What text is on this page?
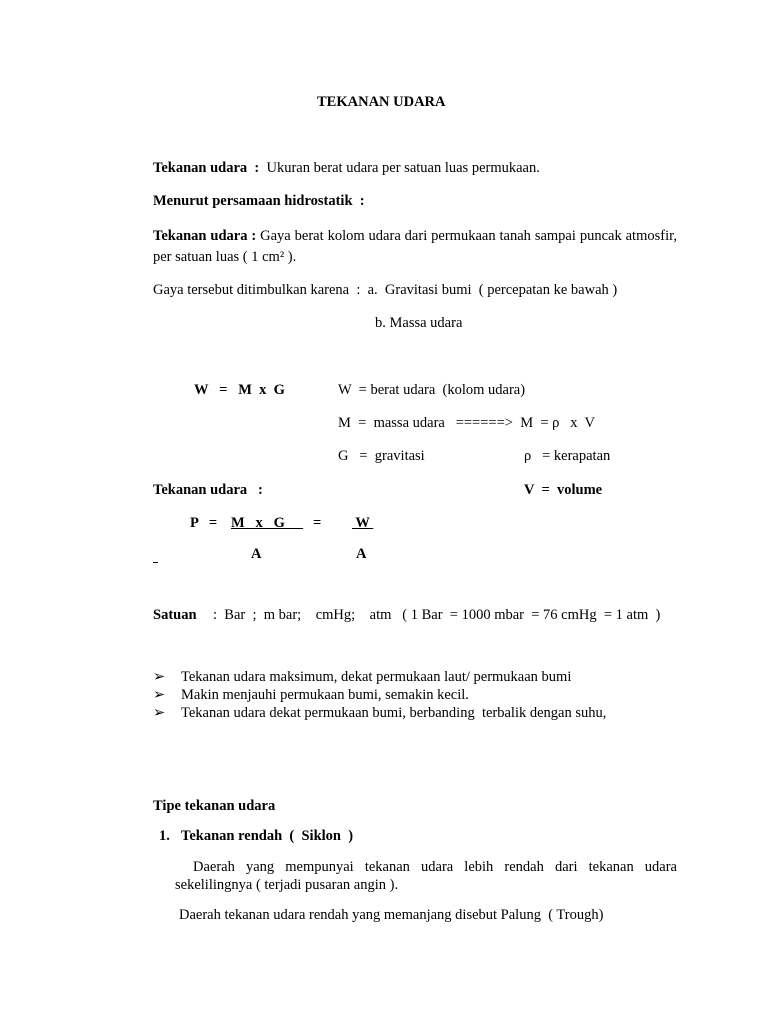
TEKANAN UDARA
Tekanan udara  :  Ukuran berat udara per satuan luas permukaan.
Menurut persamaan hidrostatik  :
Tekanan udara : Gaya berat kolom udara dari permukaan tanah sampai puncak atmosfir, per satuan luas ( 1 cm² ).
Gaya tersebut ditimbulkan karena  :  a.  Gravitasi bumi  ( percepatan ke bawah )
b. Massa udara
W   =   M  x  G	W  = berat udara  (kolom udara)
M  =  massa udara   ======>  M  = ρ   x  V
G   =  gravitasi	ρ   = kerapatan
Tekanan udara   :	V  =  volume
P   = M   x   G = W
A	A
Satuan :  Bar  ;  m bar;    cmHg;    atm   ( 1 Bar  = 1000 mbar  = 76 cmHg  = 1 atm  )
➢	Tekanan udara maksimum, dekat permukaan laut/ permukaan bumi
➢	Makin menjauhi permukaan bumi, semakin kecil.
➢	Tekanan udara dekat permukaan bumi, berbanding  terbalik dengan suhu,
Tipe tekanan udara
1. Tekanan rendah  (  Siklon  )
Daerah yang mempunyai tekanan udara lebih rendah dari tekanan udara sekelilingnya ( terjadi pusaran angin ).
Daerah tekanan udara rendah yang memanjang disebut Palung  ( Trough)
